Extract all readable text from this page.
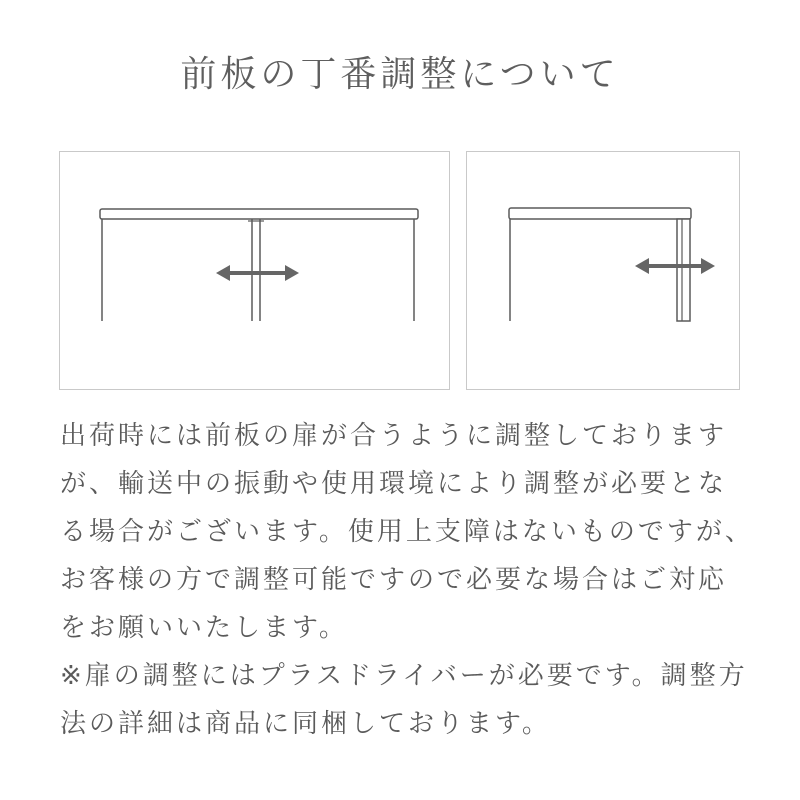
前板の丁番調整について
出荷時には前板の扉が合うように調整しております
が、輸送中の振動や使用環境により調整が必要とな
る場合がございます。使用上支障はないものですが、
お客様の方で調整可能ですので必要な場合はご対応
をお願いいたします。
※扉の調整にはプラスドライバーが必要です。調整方
法の詳細は商品に同梱しております。
